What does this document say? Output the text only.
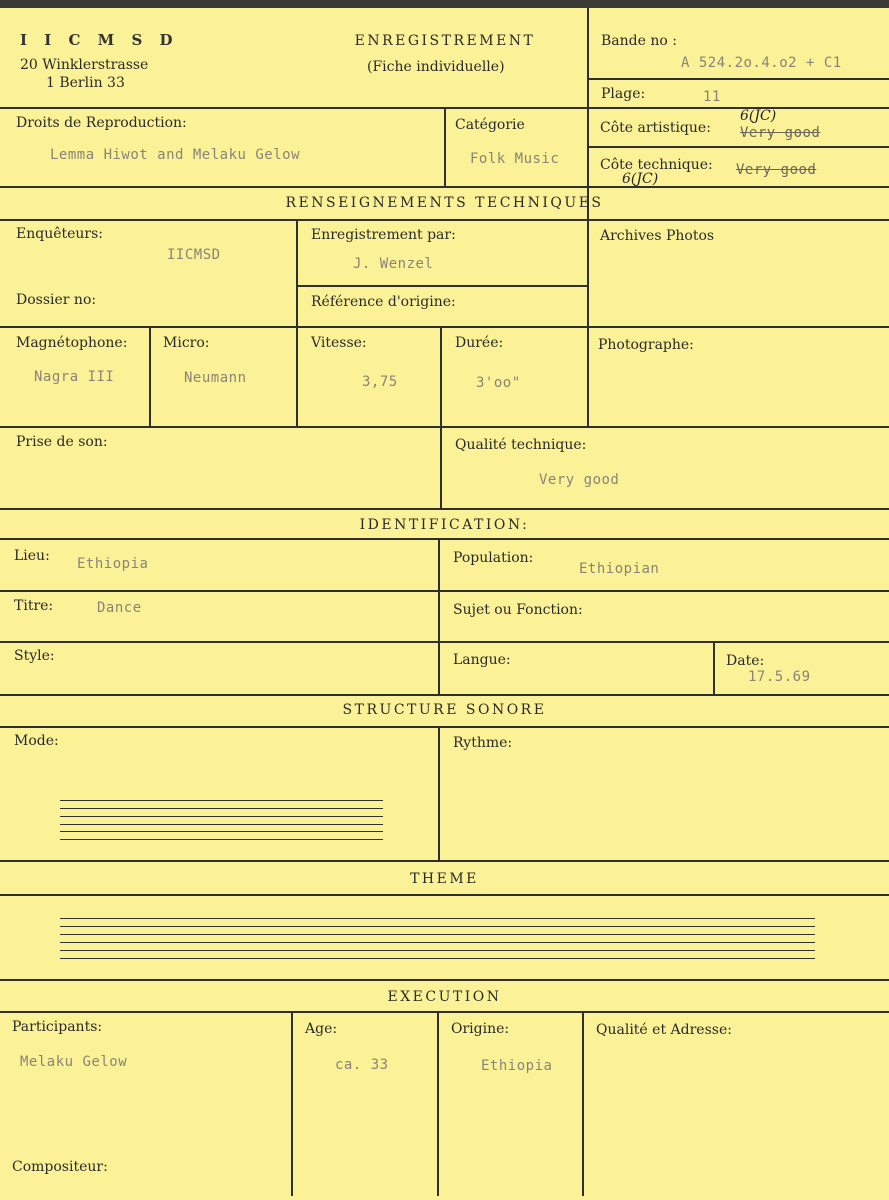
I I C M S D
20 Winklerstrasse
1 Berlin 33
ENREGISTREMENT
(Fiche individuelle)
Bande no :
A 524.2o.4.o2 + C1
Plage:	11
Droits de Reproduction:
Lemma Hiwot and Melaku Gelow
Catégorie
Folk Music
Côte artistique:
6(JC)
Very good
Côte technique: Very good
6(JC)
RENSEIGNEMENTS TECHNIQUES
Enquêteurs:
IICMSD
Enregistrement par:
J. Wenzel
Archives Photos
Dossier no:	Référence d'origine:
Magnétophone:
Nagra III
Micro:
Neumann
Vitesse:
3,75
Durée:
3'oo"
Photographe:
Prise de son:	Qualité technique:
Very good
IDENTIFICATION:
Lieu: Ethiopia	Population:
Ethiopian
Titre:	Dance	Sujet ou Fonction:
Style:	Langue:	Date:
17.5.69
STRUCTURE SONORE
Mode:	Rythme:
THEME
EXECUTION
Participants:
Melaku Gelow
Age:
ca. 33
Origine:
Ethiopia
Qualité et Adresse:
Compositeur:
